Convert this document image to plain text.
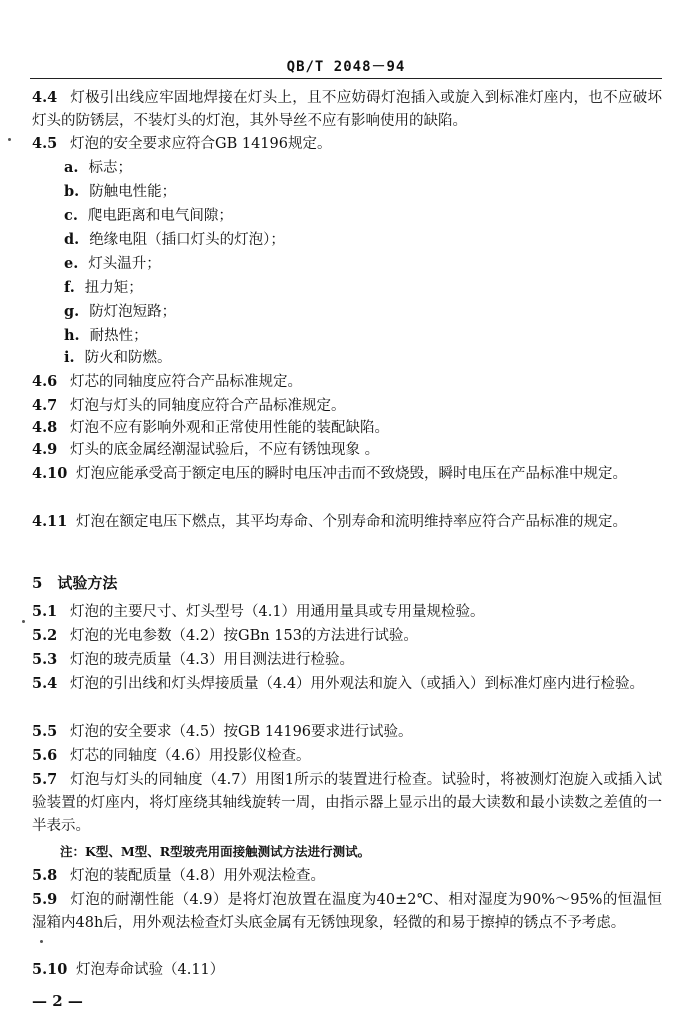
QB/T 2048－94
4.4 灯极引出线应牢固地焊接在灯头上，且不应妨碍灯泡插入或旋入到标准灯座内，也不应破坏灯头的防锈层，不装灯头的灯泡，其外导丝不应有影响使用的缺陷。
4.5 灯泡的安全要求应符合GB 14196规定。
a. 标志；
b. 防触电性能；
c. 爬电距离和电气间隙；
d. 绝缘电阻（插口灯头的灯泡）；
e. 灯头温升；
f. 扭力矩；
g. 防灯泡短路；
h. 耐热性；
i. 防火和防燃。
4.6 灯芯的同轴度应符合产品标准规定。
4.7 灯泡与灯头的同轴度应符合产品标准规定。
4.8 灯泡不应有影响外观和正常使用性能的装配缺陷。
4.9 灯头的底金属经潮湿试验后，不应有锈蚀现象 。
4.10 灯泡应能承受高于额定电压的瞬时电压冲击而不致烧毁，瞬时电压在产品标准中规定。
4.11 灯泡在额定电压下燃点，其平均寿命、个别寿命和流明维持率应符合产品标准的规定。
5　试验方法
5.1 灯泡的主要尺寸、灯头型号（4.1）用通用量具或专用量规检验。
5.2 灯泡的光电参数（4.2）按GBn 153的方法进行试验。
5.3 灯泡的玻壳质量（4.3）用目测法进行检验。
5.4 灯泡的引出线和灯头焊接质量（4.4）用外观法和旋入（或插入）到标准灯座内进行检验。
5.5 灯泡的安全要求（4.5）按GB 14196要求进行试验。
5.6 灯芯的同轴度（4.6）用投影仪检查。
5.7 灯泡与灯头的同轴度（4.7）用图1所示的装置进行检查。试验时，将被测灯泡旋入或插入试验装置的灯座内，将灯座绕其轴线旋转一周，由指示器上显示出的最大读数和最小读数之差值的一半表示。
注：K型、M型、R型玻壳用面接触测试方法进行测试。
5.8 灯泡的装配质量（4.8）用外观法检查。
5.9 灯泡的耐潮性能（4.9）是将灯泡放置在温度为40±2℃、相对湿度为90%～95%的恒温恒湿箱内48h后，用外观法检查灯头底金属有无锈蚀现象，轻微的和易于擦掉的锈点不予考虑。
5.10 灯泡寿命试验（4.11）
— 2 —
